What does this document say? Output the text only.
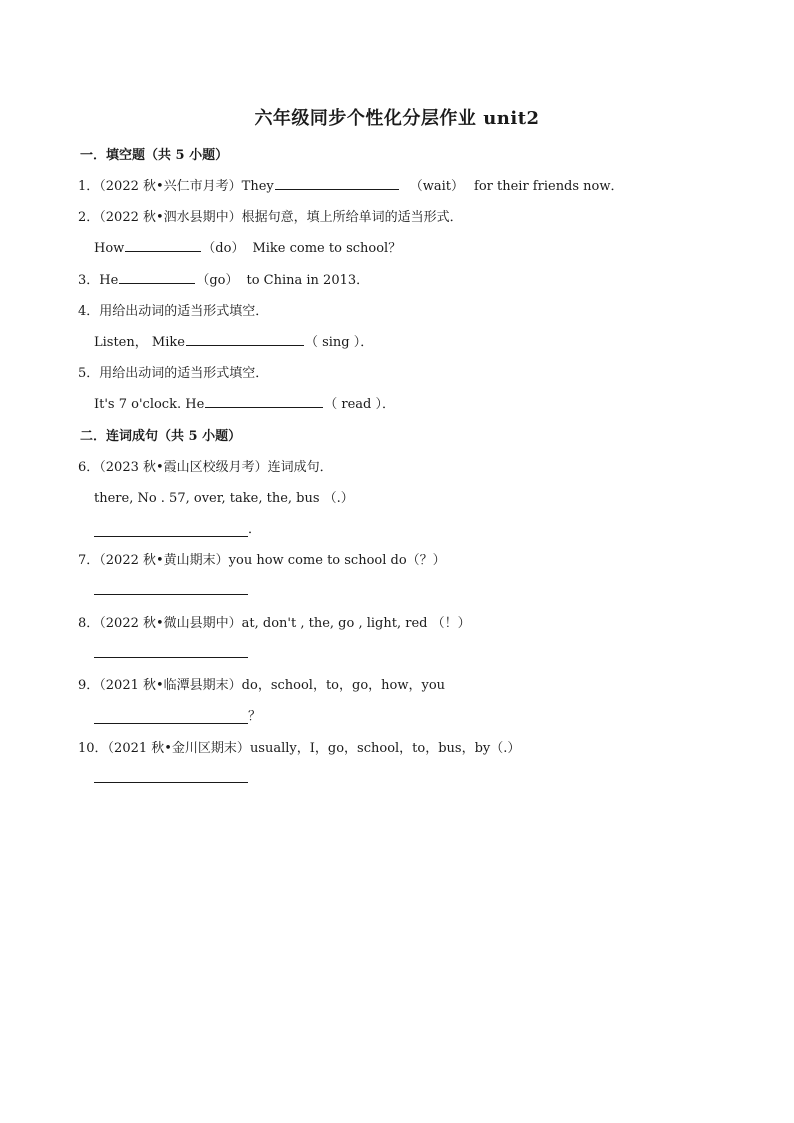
六年级同步个性化分层作业 unit2
一．填空题（共 5 小题）
1．（2022 秋•兴仁市月考）They	（wait） for their friends now．
2．（2022 秋•泗水县期中）根据句意，填上所给单词的适当形式．
How	（do） Mike come to school？
3．He	（go） to China in 2013．
4．用给出动词的适当形式填空．
Listen， Mike	（ sing ）．
5．用给出动词的适当形式填空．
It's 7 o'clock. He	（ read ）．
二．连词成句（共 5 小题）
6．（2023 秋•霞山区校级月考）连词成句．
there, No . 57, over, take, the, bus （.）
．
7．（2022 秋•黄山期末）you how come to school do（？）
8．（2022 秋•微山县期中）at, don't , the, go , light, red （！）
9．（2021 秋•临潭县期末）do，school，to，go，how，you
？
10．（2021 秋•金川区期末）usually，I，go，school，to，bus，by（.）
